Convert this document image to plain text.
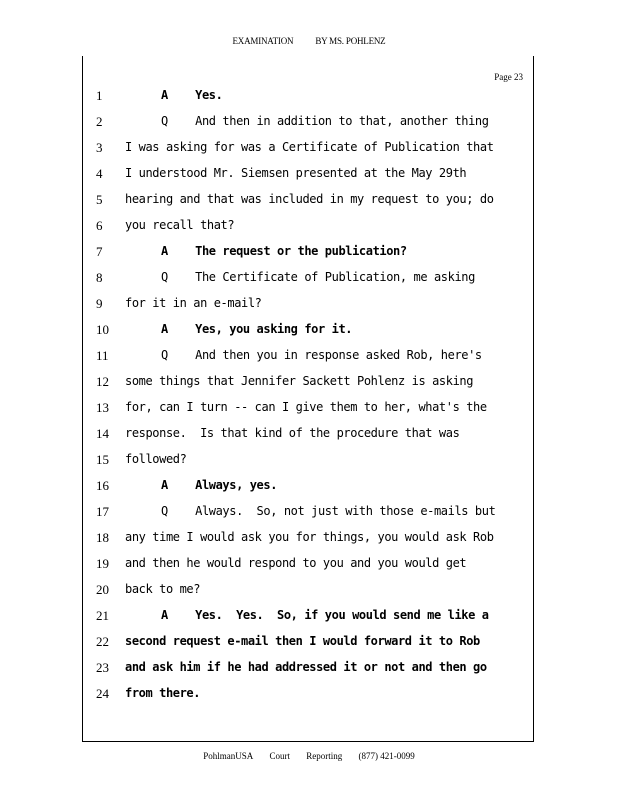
EXAMINATION BY MS. POHLENZ
Page 23
1	A    Yes.
2	Q    And then in addition to that, another thing
3	I was asking for was a Certificate of Publication that
4	I understood Mr. Siemsen presented at the May 29th
5	hearing and that was included in my request to you; do
6	you recall that?
7	A    The request or the publication?
8	Q    The Certificate of Publication, me asking
9	for it in an e-mail?
10	A    Yes, you asking for it.
11	Q    And then you in response asked Rob, here's
12 some things that Jennifer Sackett Pohlenz is asking
13 for, can I turn -- can I give them to her, what's the
14 response.  Is that kind of the procedure that was
15 followed?
16	A    Always, yes.
17	Q    Always.  So, not just with those e-mails but
18 any time I would ask you for things, you would ask Rob
19 and then he would respond to you and you would get
20 back to me?
21	A    Yes.  Yes.  So, if you would send me like a
22 second request e-mail then I would forward it to Rob
23 and ask him if he had addressed it or not and then go
24 from there.
PohlmanUSA Court Reporting (877) 421-0099
